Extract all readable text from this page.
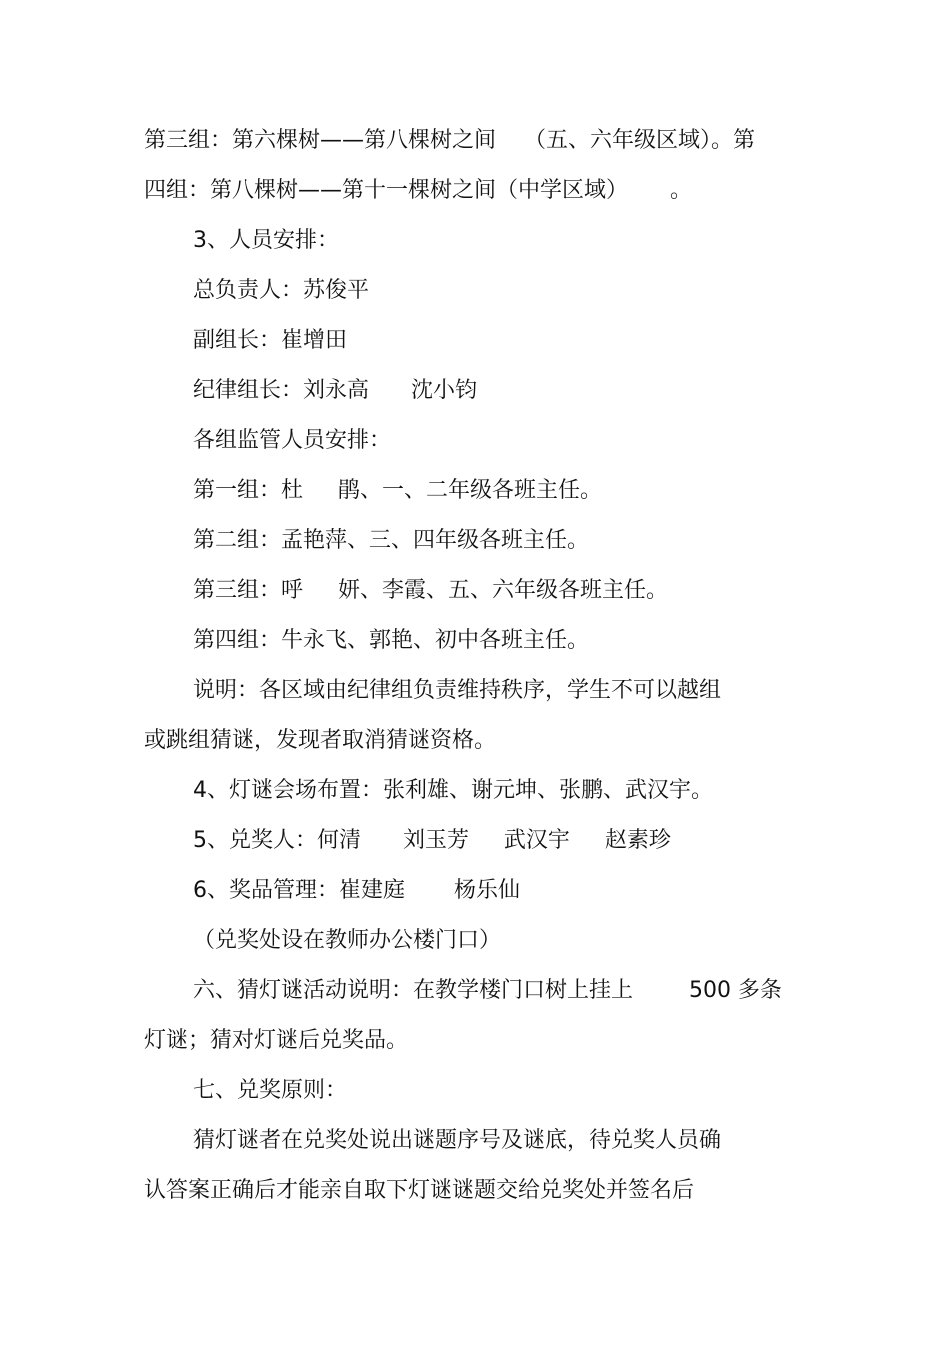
第三组：第六棵树——第八棵树之间    （五、六年级区域）。第
四组：第八棵树——第十一棵树之间（中学区域）      。
3、人员安排：
总负责人：苏俊平
副组长：崔增田
纪律组长：刘永高      沈小钧
各组监管人员安排：
第一组：杜     鹃、一、二年级各班主任。
第二组：孟艳萍、三、四年级各班主任。
第三组：呼     妍、李霞、五、六年级各班主任。
第四组：牛永飞、郭艳、初中各班主任。
说明：各区域由纪律组负责维持秩序，学生不可以越组
或跳组猜谜，发现者取消猜谜资格。
4、灯谜会场布置：张利雄、谢元坤、张鹏、武汉宇。
5、兑奖人：何清      刘玉芳     武汉宇     赵素珍
6、奖品管理：崔建庭       杨乐仙
（兑奖处设在教师办公楼门口）
六、猜灯谜活动说明：在教学楼门口树上挂上        500 多条
灯谜；猜对灯谜后兑奖品。
七、兑奖原则：
猜灯谜者在兑奖处说出谜题序号及谜底，待兑奖人员确
认答案正确后才能亲自取下灯谜谜题交给兑奖处并签名后
